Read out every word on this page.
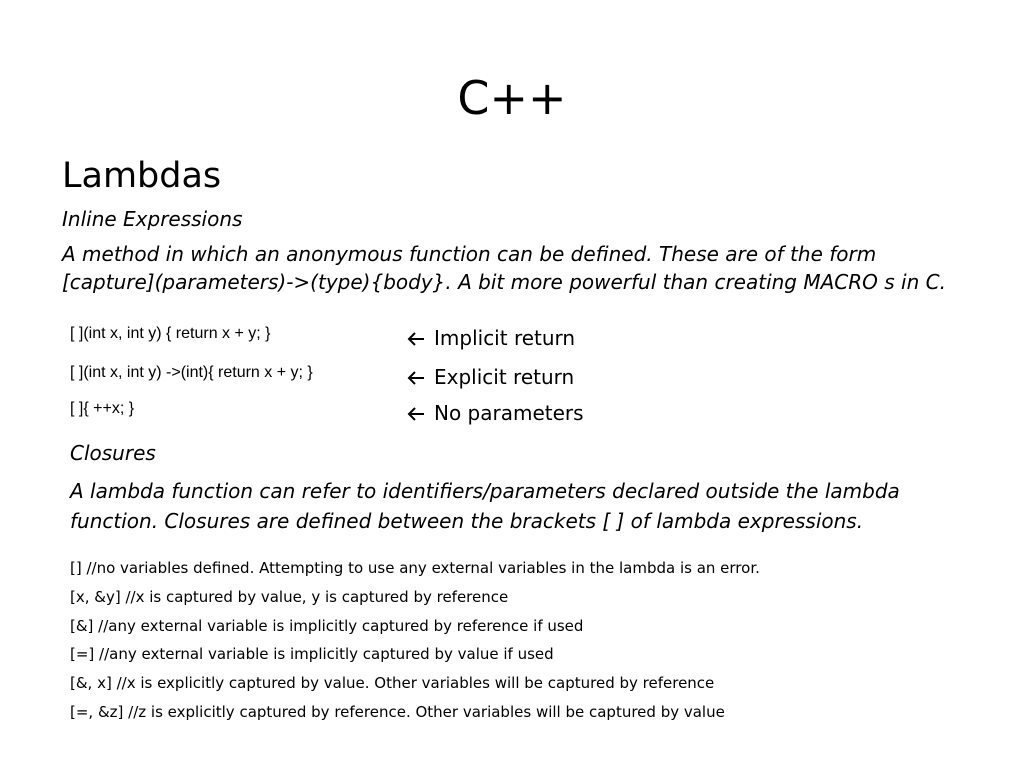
C++
Lambdas
Inline Expressions
A method in which an anonymous function can be defined. These are of the form
[capture](parameters)->(type){body}. A bit more powerful than creating MACRO s in C.
[ ](int x, int y) { return x + y; }
[ ](int x, int y) ->(int){ return x + y; }
[ ]{ ++x; }
Implicit return
Explicit return
No parameters
Closures
A lambda function can refer to identifiers/parameters declared outside the lambda
function. Closures are defined between the brackets [ ] of lambda expressions.
[] //no variables defined. Attempting to use any external variables in the lambda is an error.
[x, &y] //x is captured by value, y is captured by reference
[&] //any external variable is implicitly captured by reference if used
[=] //any external variable is implicitly captured by value if used
[&, x] //x is explicitly captured by value. Other variables will be captured by reference
[=, &z] //z is explicitly captured by reference. Other variables will be captured by value
